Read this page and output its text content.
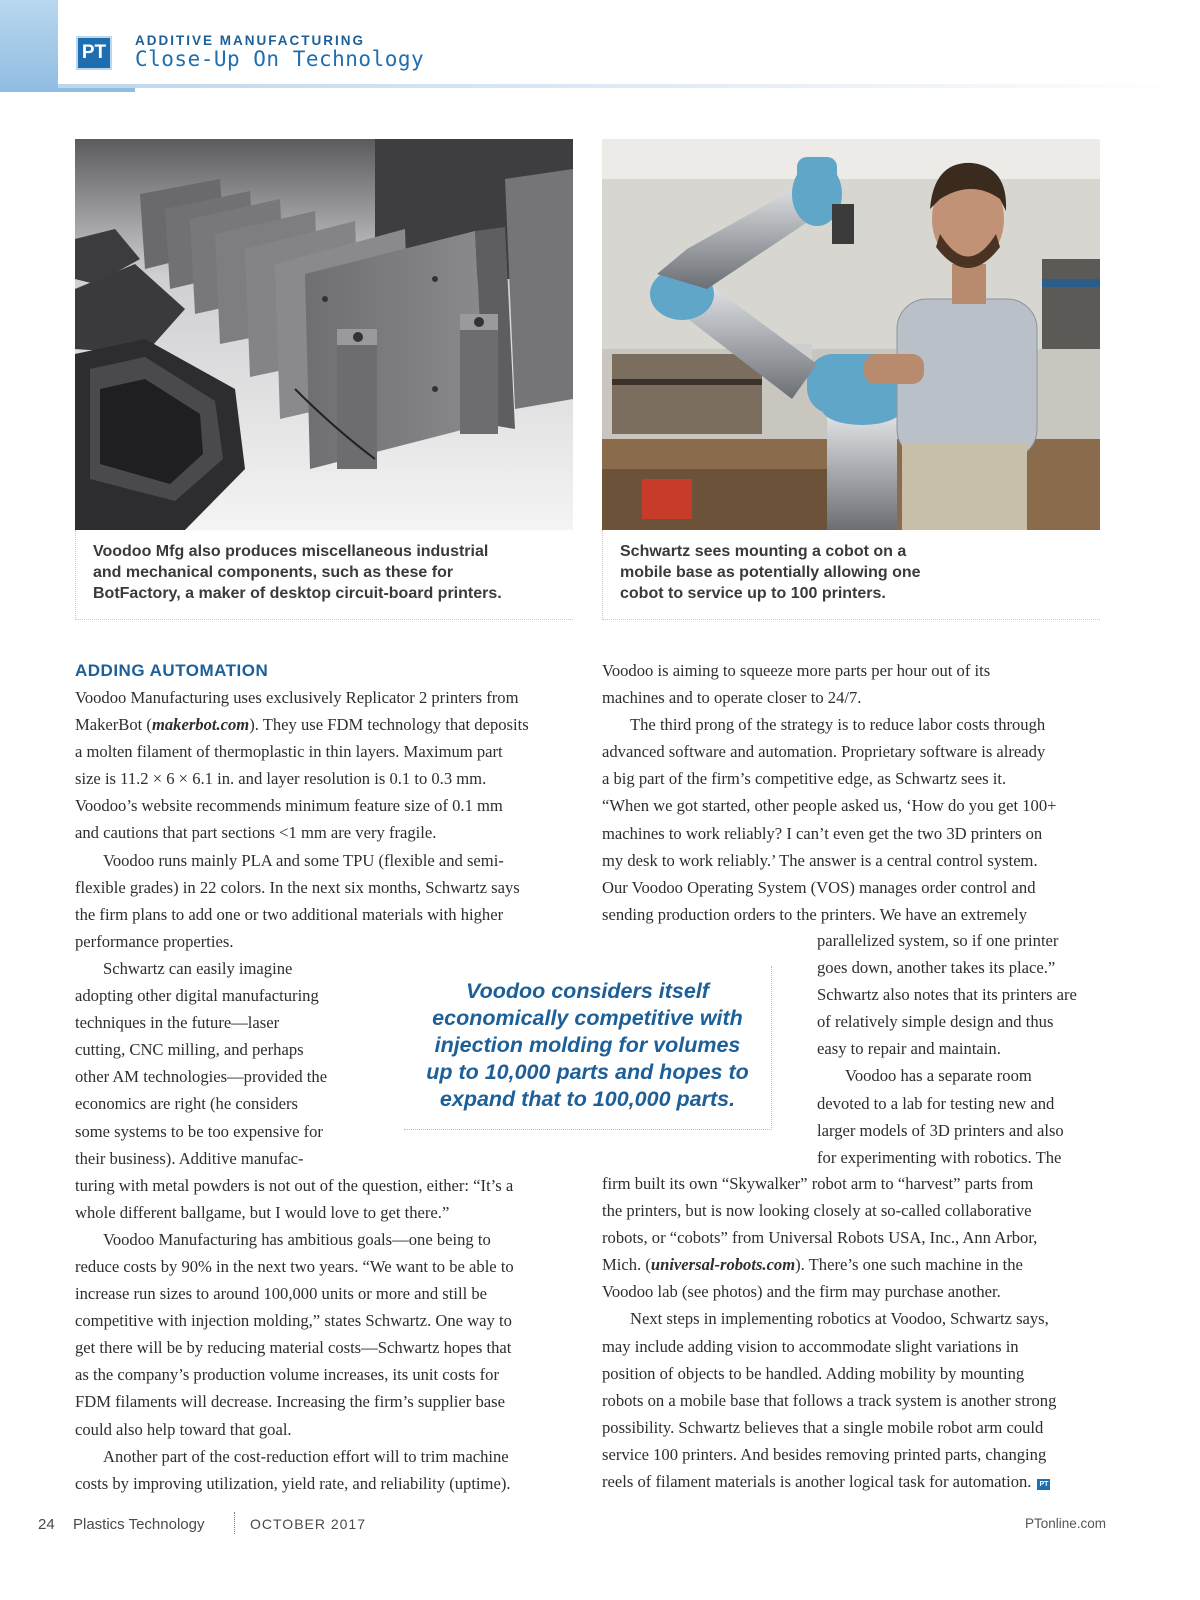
PT
ADDITIVE MANUFACTURING
Close-Up On Technology
Voodoo Mfg also produces miscellaneous industrial
and mechanical components, such as these for
BotFactory, a maker of desktop circuit-board printers.
Schwartz sees mounting a cobot on a
mobile base as potentially allowing one
cobot to service up to 100 printers.
ADDING AUTOMATION

Voodoo Manufacturing uses exclusively Replicator 2 printers from
MakerBot (makerbot.com). They use FDM technology that deposits
a molten filament of thermoplastic in thin layers. Maximum part
size is 11.2 × 6 × 6.1 in. and layer resolution is 0.1 to 0.3 mm.
Voodoo’s website recommends minimum feature size of 0.1 mm
and cautions that part sections <1 mm are very fragile.

Voodoo runs mainly PLA and some TPU (flexible and semi-
flexible grades) in 22 colors. In the next six months, Schwartz says
the firm plans to add one or two additional materials with higher
performance properties.

Schwartz can easily imagine
adopting other digital manufacturing
techniques in the future—laser
cutting, CNC milling, and perhaps
other AM technologies—provided the
economics are right (he considers
some systems to be too expensive for
their business). Additive manufac-
turing with metal powders is not out of the question, either: “It’s a
whole different ballgame, but I would love to get there.”

Voodoo Manufacturing has ambitious goals—one being to
reduce costs by 90% in the next two years. “We want to be able to
increase run sizes to around 100,000 units or more and still be
competitive with injection molding,” states Schwartz. One way to
get there will be by reducing material costs—Schwartz hopes that
as the company’s production volume increases, its unit costs for
FDM filaments will decrease. Increasing the firm’s supplier base
could also help toward that goal.

Another part of the cost-reduction effort will to trim machine
costs by improving utilization, yield rate, and reliability (uptime).

Voodoo is aiming to squeeze more parts per hour out of its
machines and to operate closer to 24/7.

The third prong of the strategy is to reduce labor costs through
advanced software and automation. Proprietary software is already
a big part of the firm’s competitive edge, as Schwartz sees it.
“When we got started, other people asked us, ‘How do you get 100+
machines to work reliably? I can’t even get the two 3D printers on
my desk to work reliably.’ The answer is a central control system.
Our Voodoo Operating System (VOS) manages order control and
sending production orders to the printers. We have an extremely

parallelized system, so if one printer
goes down, another takes its place.”
Schwartz also notes that its printers are
of relatively simple design and thus
easy to repair and maintain.

Voodoo has a separate room
devoted to a lab for testing new and
larger models of 3D printers and also
for experimenting with robotics. The

firm built its own “Skywalker” robot arm to “harvest” parts from
the printers, but is now looking closely at so-called collaborative
robots, or “cobots” from Universal Robots USA, Inc., Ann Arbor,
Mich. (universal-robots.com). There’s one such machine in the
Voodoo lab (see photos) and the firm may purchase another.

Next steps in implementing robotics at Voodoo, Schwartz says,
may include adding vision to accommodate slight variations in
position of objects to be handled. Adding mobility by mounting
robots on a mobile base that follows a track system is another strong
possibility. Schwartz believes that a single mobile robot arm could
service 100 printers. And besides removing printed parts, changing
reels of filament materials is another logical task for automation. PT

Voodoo considers itself
economically competitive with
injection molding for volumes
up to 10,000 parts and hopes to
expand that to 100,000 parts.
24 Plastics Technology	OCTOBER 2017	PTonline.com
